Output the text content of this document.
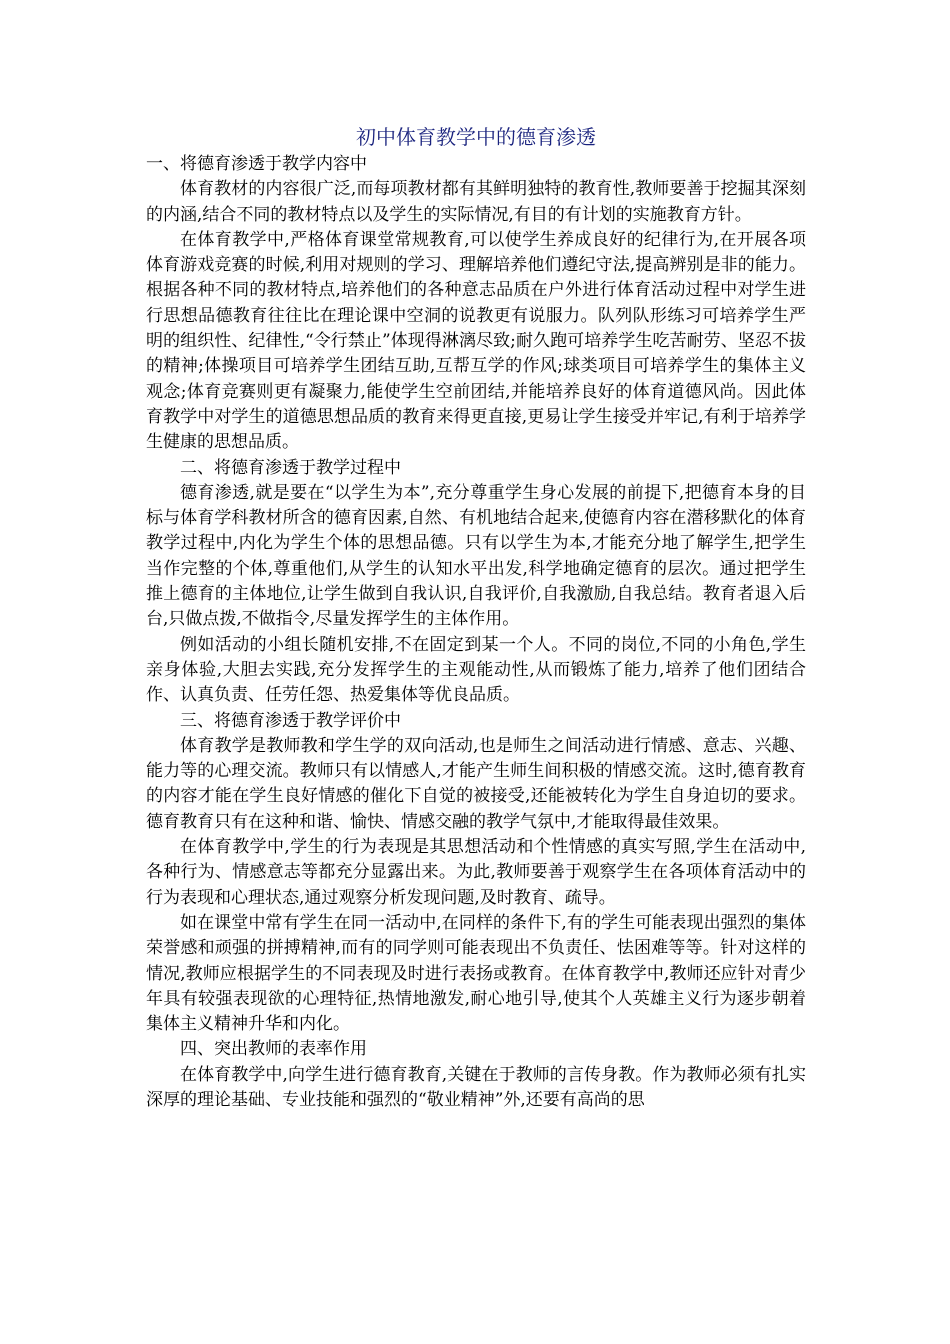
初中体育教学中的德育渗透

一、将德育渗透于教学内容中

体育教材的内容很广泛,而每项教材都有其鲜明独特的教育性,教师要善于挖掘其深刻的内涵,结合不同的教材特点以及学生的实际情况,有目的有计划的实施教育方针。

在体育教学中,严格体育课堂常规教育,可以使学生养成良好的纪律行为,在开展各项体育游戏竞赛的时候,利用对规则的学习、理解培养他们遵纪守法,提高辨别是非的能力。根据各种不同的教材特点,培养他们的各种意志品质在户外进行体育活动过程中对学生进行思想品德教育往往比在理论课中空洞的说教更有说服力。队列队形练习可培养学生严明的组织性、纪律性,“令行禁止”体现得淋漓尽致;耐久跑可培养学生吃苦耐劳、坚忍不拔的精神;体操项目可培养学生团结互助,互帮互学的作风;球类项目可培养学生的集体主义观念;体育竞赛则更有凝聚力,能使学生空前团结,并能培养良好的体育道德风尚。因此体育教学中对学生的道德思想品质的教育来得更直接,更易让学生接受并牢记,有利于培养学生健康的思想品质。

二、将德育渗透于教学过程中

德育渗透,就是要在“以学生为本”,充分尊重学生身心发展的前提下,把德育本身的目标与体育学科教材所含的德育因素,自然、有机地结合起来,使德育内容在潜移默化的体育教学过程中,内化为学生个体的思想品德。只有以学生为本,才能充分地了解学生,把学生当作完整的个体,尊重他们,从学生的认知水平出发,科学地确定德育的层次。通过把学生推上德育的主体地位,让学生做到自我认识,自我评价,自我激励,自我总结。教育者退入后台,只做点拨,不做指令,尽量发挥学生的主体作用。

例如活动的小组长随机安排,不在固定到某一个人。不同的岗位,不同的小角色,学生亲身体验,大胆去实践,充分发挥学生的主观能动性,从而锻炼了能力,培养了他们团结合作、认真负责、任劳任怨、热爱集体等优良品质。

三、将德育渗透于教学评价中

体育教学是教师教和学生学的双向活动,也是师生之间活动进行情感、意志、兴趣、能力等的心理交流。教师只有以情感人,才能产生师生间积极的情感交流。这时,德育教育的内容才能在学生良好情感的催化下自觉的被接受,还能被转化为学生自身迫切的要求。德育教育只有在这种和谐、愉快、情感交融的教学气氛中,才能取得最佳效果。

在体育教学中,学生的行为表现是其思想活动和个性情感的真实写照,学生在活动中,各种行为、情感意志等都充分显露出来。为此,教师要善于观察学生在各项体育活动中的行为表现和心理状态,通过观察分析发现问题,及时教育、疏导。

如在课堂中常有学生在同一活动中,在同样的条件下,有的学生可能表现出强烈的集体荣誉感和顽强的拼搏精神,而有的同学则可能表现出不负责任、怯困难等等。针对这样的情况,教师应根据学生的不同表现及时进行表扬或教育。在体育教学中,教师还应针对青少年具有较强表现欲的心理特征,热情地激发,耐心地引导,使其个人英雄主义行为逐步朝着集体主义精神升华和内化。

四、突出教师的表率作用

在体育教学中,向学生进行德育教育,关键在于教师的言传身教。作为教师必须有扎实深厚的理论基础、专业技能和强烈的“敬业精神”外,还要有高尚的思
